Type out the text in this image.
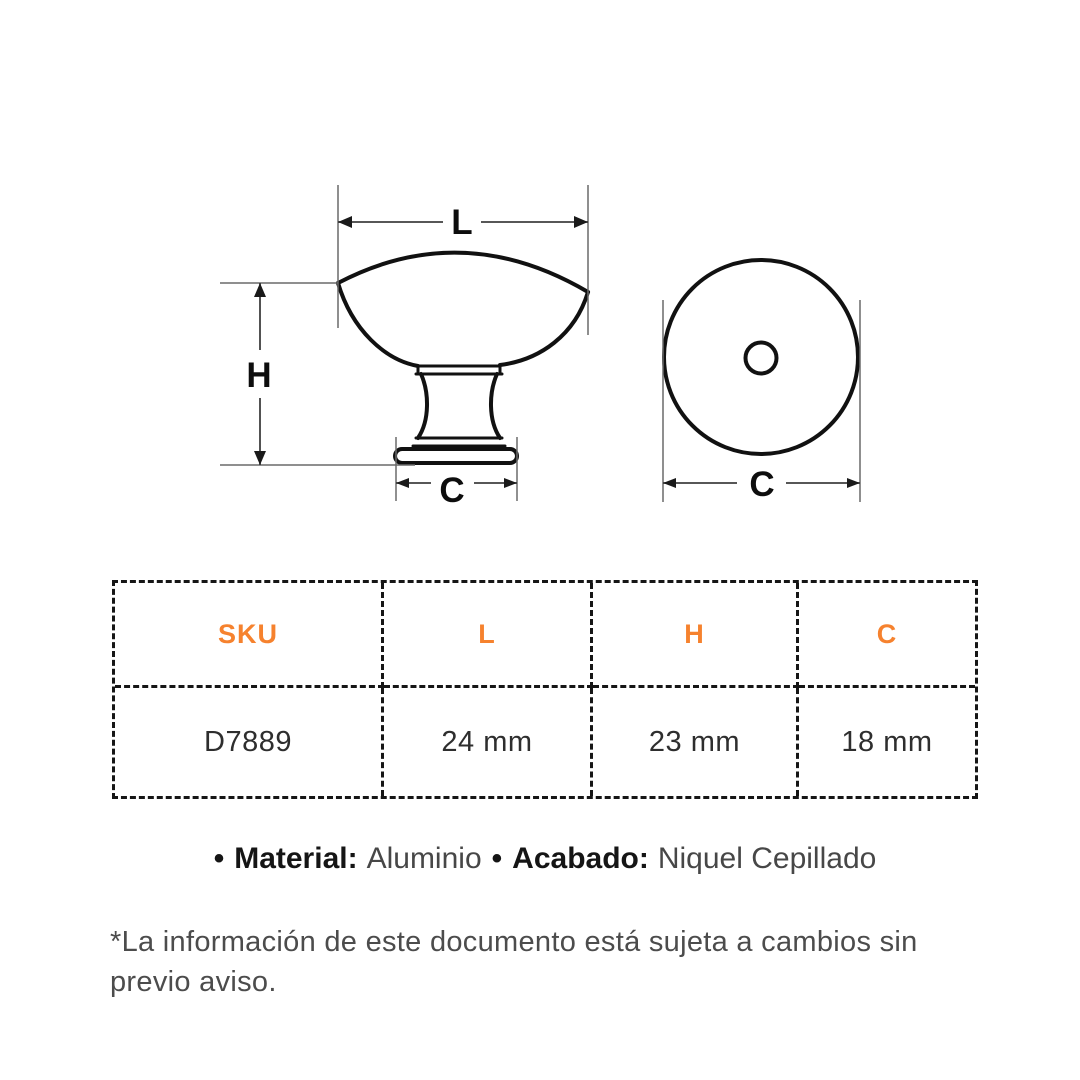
L
H
C	C
SKU	L	H	C
D7889	24 mm	23 mm	18 mm
• Material: Aluminio • Acabado: Niquel Cepillado
*La información de este documento está sujeta a cambios sin previo aviso.
